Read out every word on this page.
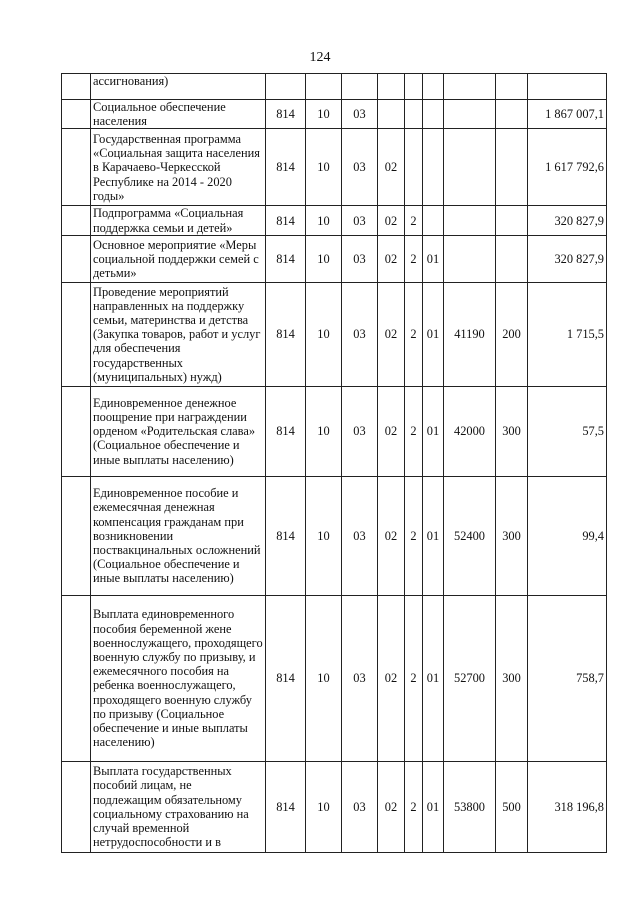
124
	ассигнования)									
	Социальное обеспечение населения	814	10	03						1 867 007,1
	Государственная программа «Социальная защита населения в Карачаево-Черкесской Республике на 2014 - 2020 годы»	814	10	03	02					1 617 792,6
	Подпрограмма «Социальная поддержка семьи и детей»	814	10	03	02	2				320 827,9
	Основное мероприятие «Меры социальной поддержки семей с детьми»	814	10	03	02	2	01			320 827,9
	Проведение мероприятий направленных на поддержку семьи, материнства и детства (Закупка товаров, работ и услуг для обеспечения государственных (муниципальных) нужд)	814	10	03	02	2	01	41190	200	1 715,5
	Единовременное денежное поощрение при награждении орденом «Родительская слава» (Социальное обеспечение и иные выплаты населению)	814	10	03	02	2	01	42000	300	57,5
	Единовременное пособие и ежемесячная денежная компенсация гражданам при возникновении поствакцинальных осложнений (Социальное обеспечение и иные выплаты населению)	814	10	03	02	2	01	52400	300	99,4
	Выплата единовременного пособия беременной жене военнослужащего, проходящего военную службу по призыву, и ежемесячного пособия на ребенка военнослужащего, проходящего военную службу по призыву (Социальное обеспечение и иные выплаты населению)	814	10	03	02	2	01	52700	300	758,7
	Выплата государственных пособий лицам, не подлежащим обязательному социальному страхованию на случай временной нетрудоспособности и в	814	10	03	02	2	01	53800	500	318 196,8
